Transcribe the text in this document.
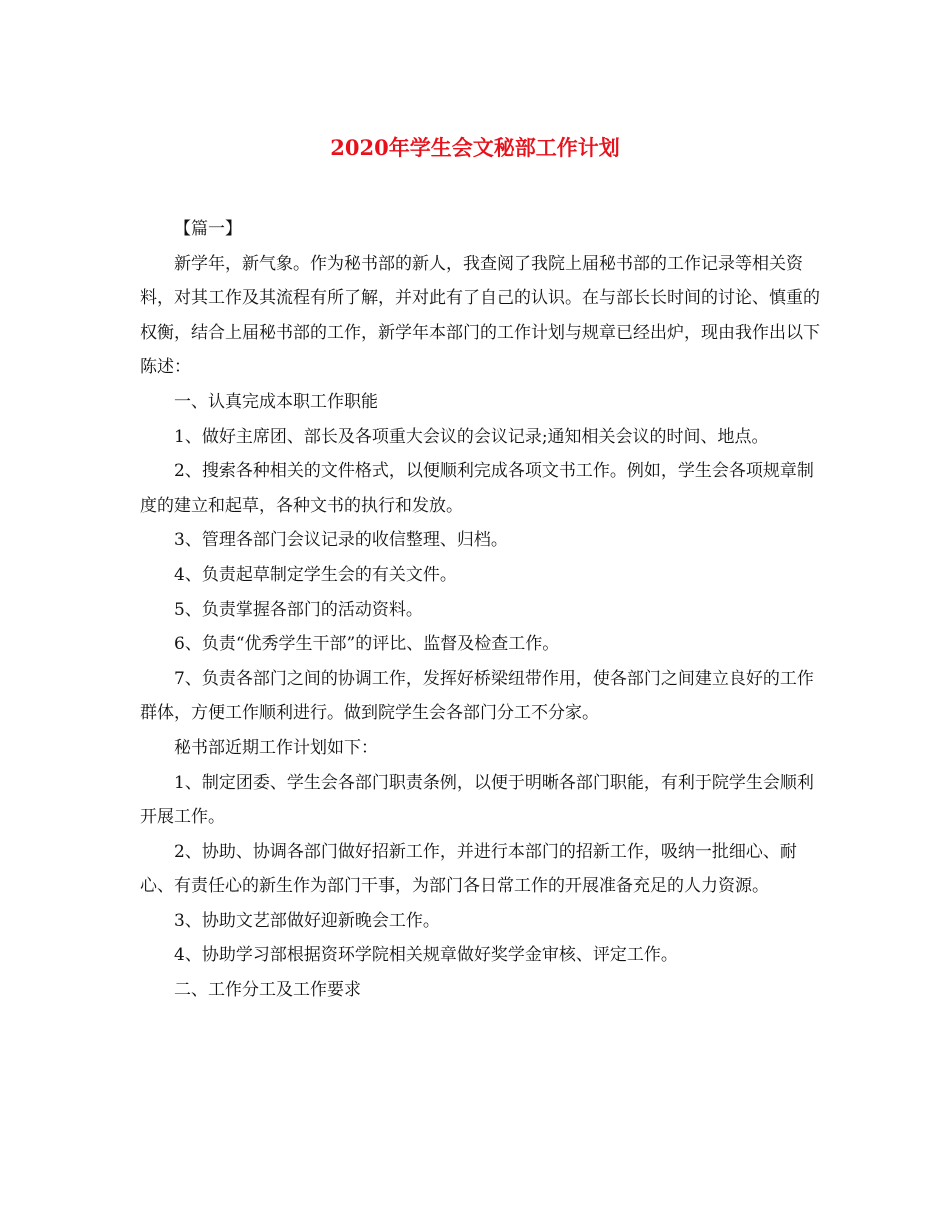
2020年学生会文秘部工作计划

【篇一】

新学年，新气象。作为秘书部的新人，我查阅了我院上届秘书部的工作记录等相关资料，对其工作及其流程有所了解，并对此有了自己的认识。在与部长长时间的讨论、慎重的权衡，结合上届秘书部的工作，新学年本部门的工作计划与规章已经出炉，现由我作出以下陈述：

一、认真完成本职工作职能

1、做好主席团、部长及各项重大会议的会议记录;通知相关会议的时间、地点。

2、搜索各种相关的文件格式，以便顺利完成各项文书工作。例如，学生会各项规章制度的建立和起草，各种文书的执行和发放。

3、管理各部门会议记录的收信整理、归档。

4、负责起草制定学生会的有关文件。

5、负责掌握各部门的活动资料。

6、负责“优秀学生干部”的评比、监督及检查工作。

7、负责各部门之间的协调工作，发挥好桥梁纽带作用，使各部门之间建立良好的工作群体，方便工作顺利进行。做到院学生会各部门分工不分家。

秘书部近期工作计划如下：

1、制定团委、学生会各部门职责条例，以便于明晰各部门职能，有利于院学生会顺利开展工作。

2、协助、协调各部门做好招新工作，并进行本部门的招新工作，吸纳一批细心、耐心、有责任心的新生作为部门干事，为部门各日常工作的开展准备充足的人力资源。

3、协助文艺部做好迎新晚会工作。

4、协助学习部根据资环学院相关规章做好奖学金审核、评定工作。

二、工作分工及工作要求
